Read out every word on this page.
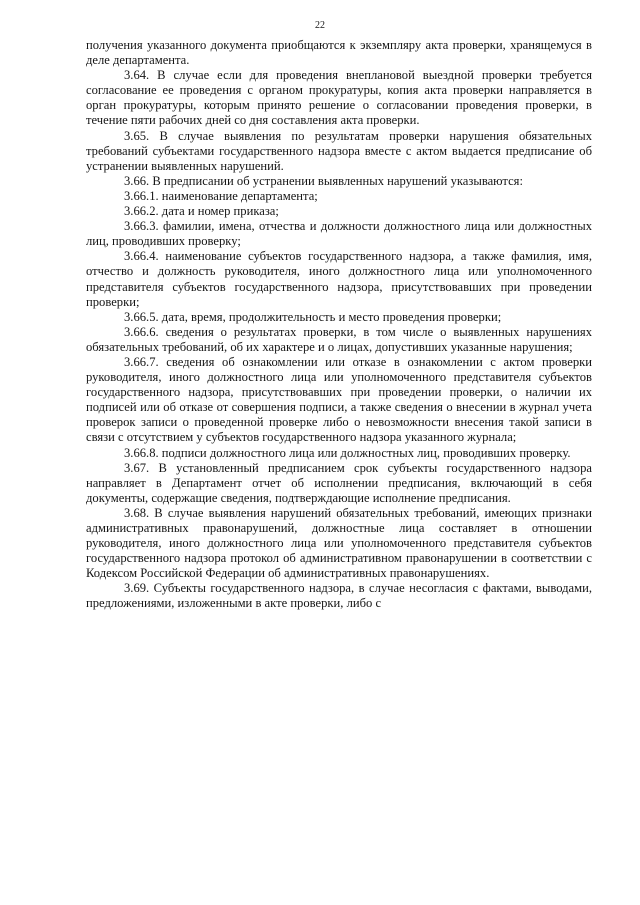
22

получения указанного документа приобщаются к экземпляру акта проверки, хранящемуся в деле департамента.

3.64. В случае если для проведения внеплановой выездной проверки требуется согласование ее проведения с органом прокуратуры, копия акта проверки направляется в орган прокуратуры, которым принято решение о согласовании проведения проверки, в течение пяти рабочих дней со дня составления акта проверки.

3.65. В случае выявления по результатам проверки нарушения обязательных требований субъектами государственного надзора вместе с актом выдается предписание об устранении выявленных нарушений.

3.66. В предписании об устранении выявленных нарушений указываются:

3.66.1. наименование департамента;

3.66.2. дата и номер приказа;

3.66.3. фамилии, имена, отчества и должности должностного лица или должностных лиц, проводивших проверку;

3.66.4. наименование субъектов государственного надзора, а также фамилия, имя, отчество и должность руководителя, иного должностного лица или уполномоченного представителя субъектов государственного надзора, присутствовавших при проведении проверки;

3.66.5. дата, время, продолжительность и место проведения проверки;

3.66.6. сведения о результатах проверки, в том числе о выявленных нарушениях обязательных требований, об их характере и о лицах, допустивших указанные нарушения;

3.66.7. сведения об ознакомлении или отказе в ознакомлении с актом проверки руководителя, иного должностного лица или уполномоченного представителя субъектов государственного надзора, присутствовавших при проведении проверки, о наличии их подписей или об отказе от совершения подписи, а также сведения о внесении в журнал учета проверок записи о проведенной проверке либо о невозможности внесения такой записи в связи с отсутствием у субъектов государственного надзора указанного журнала;

3.66.8. подписи должностного лица или должностных лиц, проводивших проверку.

3.67. В установленный предписанием срок субъекты государственного надзора направляет в Департамент отчет об исполнении предписания, включающий в себя документы, содержащие сведения, подтверждающие исполнение предписания.

3.68. В случае выявления нарушений обязательных требований, имеющих признаки административных правонарушений, должностные лица составляет в отношении руководителя, иного должностного лица или уполномоченного представителя субъектов государственного надзора протокол об административном правонарушении в соответствии с Кодексом Российской Федерации об административных правонарушениях.

3.69. Субъекты государственного надзора, в случае несогласия с фактами, выводами, предложениями, изложенными в акте проверки, либо с
